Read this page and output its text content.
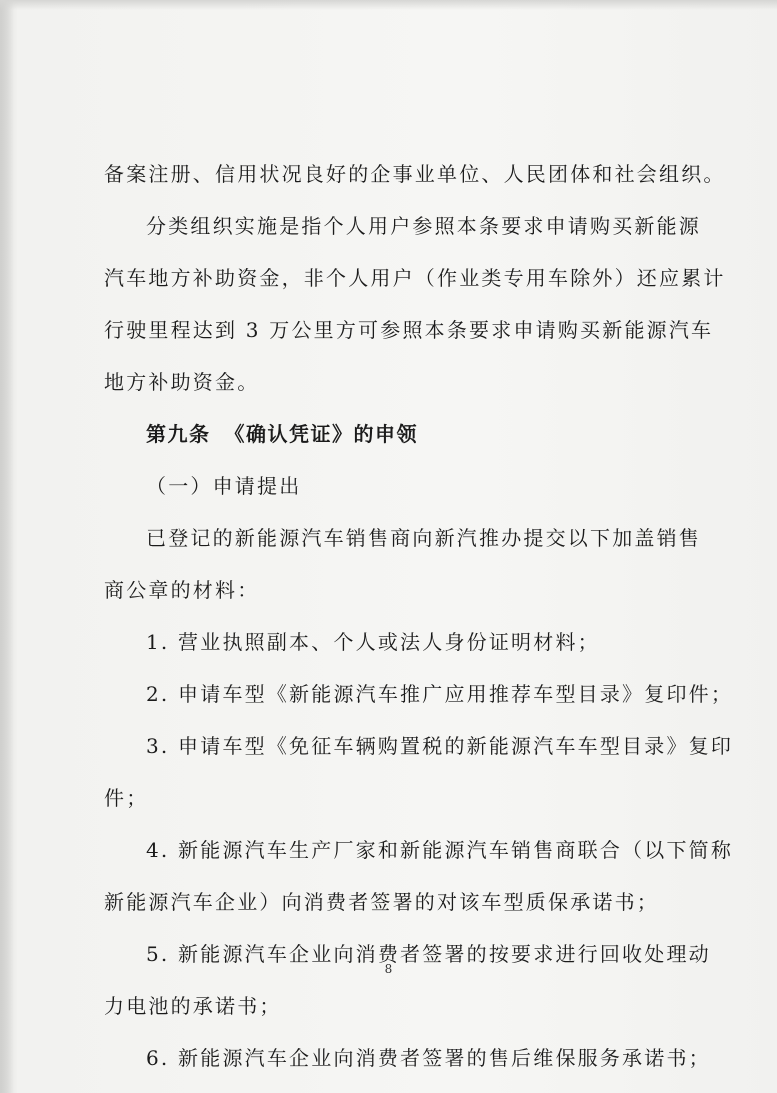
备案注册、信用状况良好的企事业单位、人民团体和社会组织。
分类组织实施是指个人用户参照本条要求申请购买新能源
汽车地方补助资金，非个人用户（作业类专用车除外）还应累计
行驶里程达到 3 万公里方可参照本条要求申请购买新能源汽车
地方补助资金。
第九条 《确认凭证》的申领
（一）申请提出
已登记的新能源汽车销售商向新汽推办提交以下加盖销售
商公章的材料：
1. 营业执照副本、个人或法人身份证明材料；
2. 申请车型《新能源汽车推广应用推荐车型目录》复印件；
3. 申请车型《免征车辆购置税的新能源汽车车型目录》复印
件；
4. 新能源汽车生产厂家和新能源汽车销售商联合（以下简称
新能源汽车企业）向消费者签署的对该车型质保承诺书；
5. 新能源汽车企业向消费者签署的按要求进行回收处理动
力电池的承诺书；
6. 新能源汽车企业向消费者签署的售后维保服务承诺书；
8
